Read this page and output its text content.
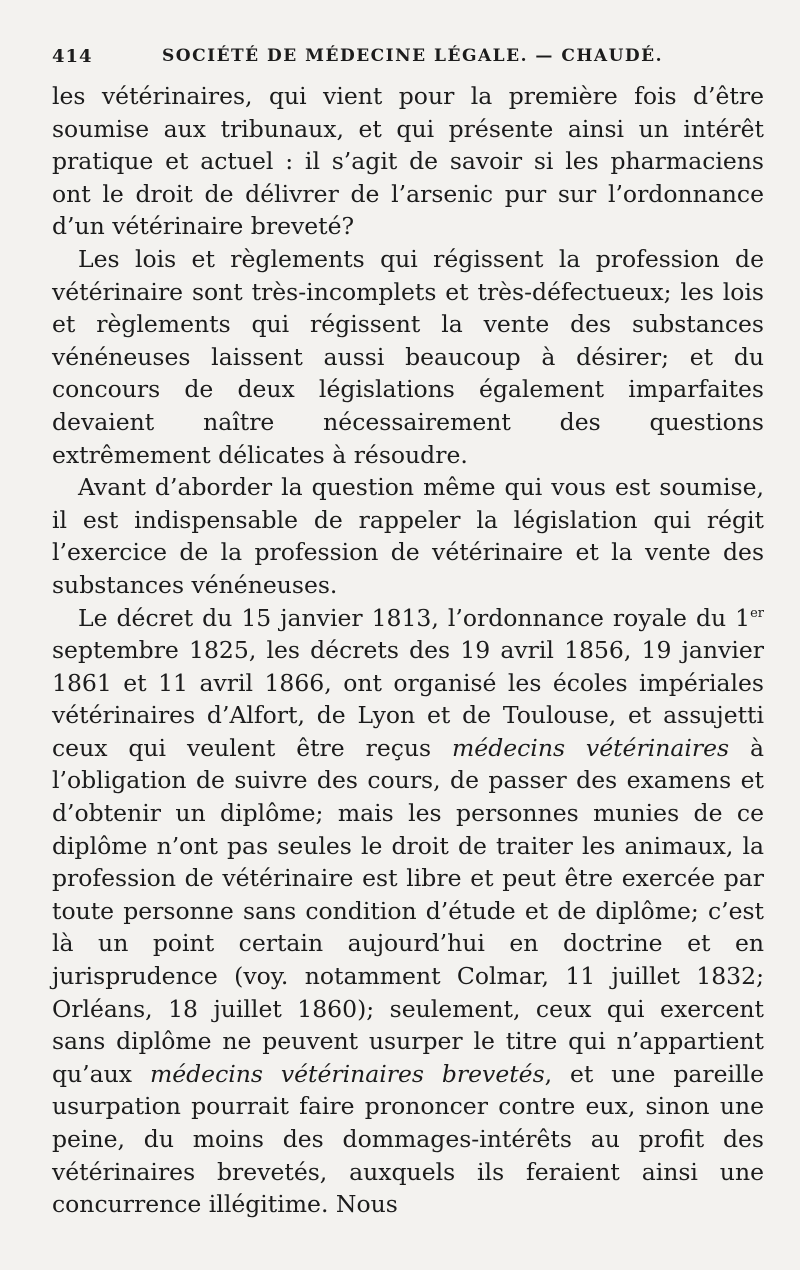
414	SOCIÉTÉ DE MÉDECINE LÉGALE. — CHAUDÉ.

les vétérinaires, qui vient pour la première fois d’être soumise aux tribunaux, et qui présente ainsi un intérêt pratique et actuel : il s’agit de savoir si les pharmaciens ont le droit de délivrer de l’arsenic pur sur l’ordonnance d’un vétérinaire breveté?

Les lois et règlements qui régissent la profession de vétérinaire sont très-incomplets et très-défectueux; les lois et règlements qui régissent la vente des substances vénéneuses laissent aussi beaucoup à désirer; et du concours de deux législations également imparfaites devaient naître nécessairement des questions extrêmement délicates à résoudre.

Avant d’aborder la question même qui vous est soumise, il est indispensable de rappeler la législation qui régit l’exercice de la profession de vétérinaire et la vente des substances vénéneuses.

Le décret du 15 janvier 1813, l’ordonnance royale du 1er septembre 1825, les décrets des 19 avril 1856, 19 janvier 1861 et 11 avril 1866, ont organisé les écoles impériales vétérinaires d’Alfort, de Lyon et de Toulouse, et assujetti ceux qui veulent être reçus médecins vétérinaires à l’obligation de suivre des cours, de passer des examens et d’obtenir un diplôme; mais les personnes munies de ce diplôme n’ont pas seules le droit de traiter les animaux, la profession de vétérinaire est libre et peut être exercée par toute personne sans condition d’étude et de diplôme; c’est là un point certain aujourd’hui en doctrine et en jurisprudence (voy. notamment Colmar, 11 juillet 1832; Orléans, 18 juillet 1860); seulement, ceux qui exercent sans diplôme ne peuvent usurper le titre qui n’appartient qu’aux médecins vétérinaires brevetés, et une pareille usurpation pourrait faire prononcer contre eux, sinon une peine, du moins des dommages-intérêts au profit des vétérinaires brevetés, auxquels ils feraient ainsi une concurrence illégitime. Nous
